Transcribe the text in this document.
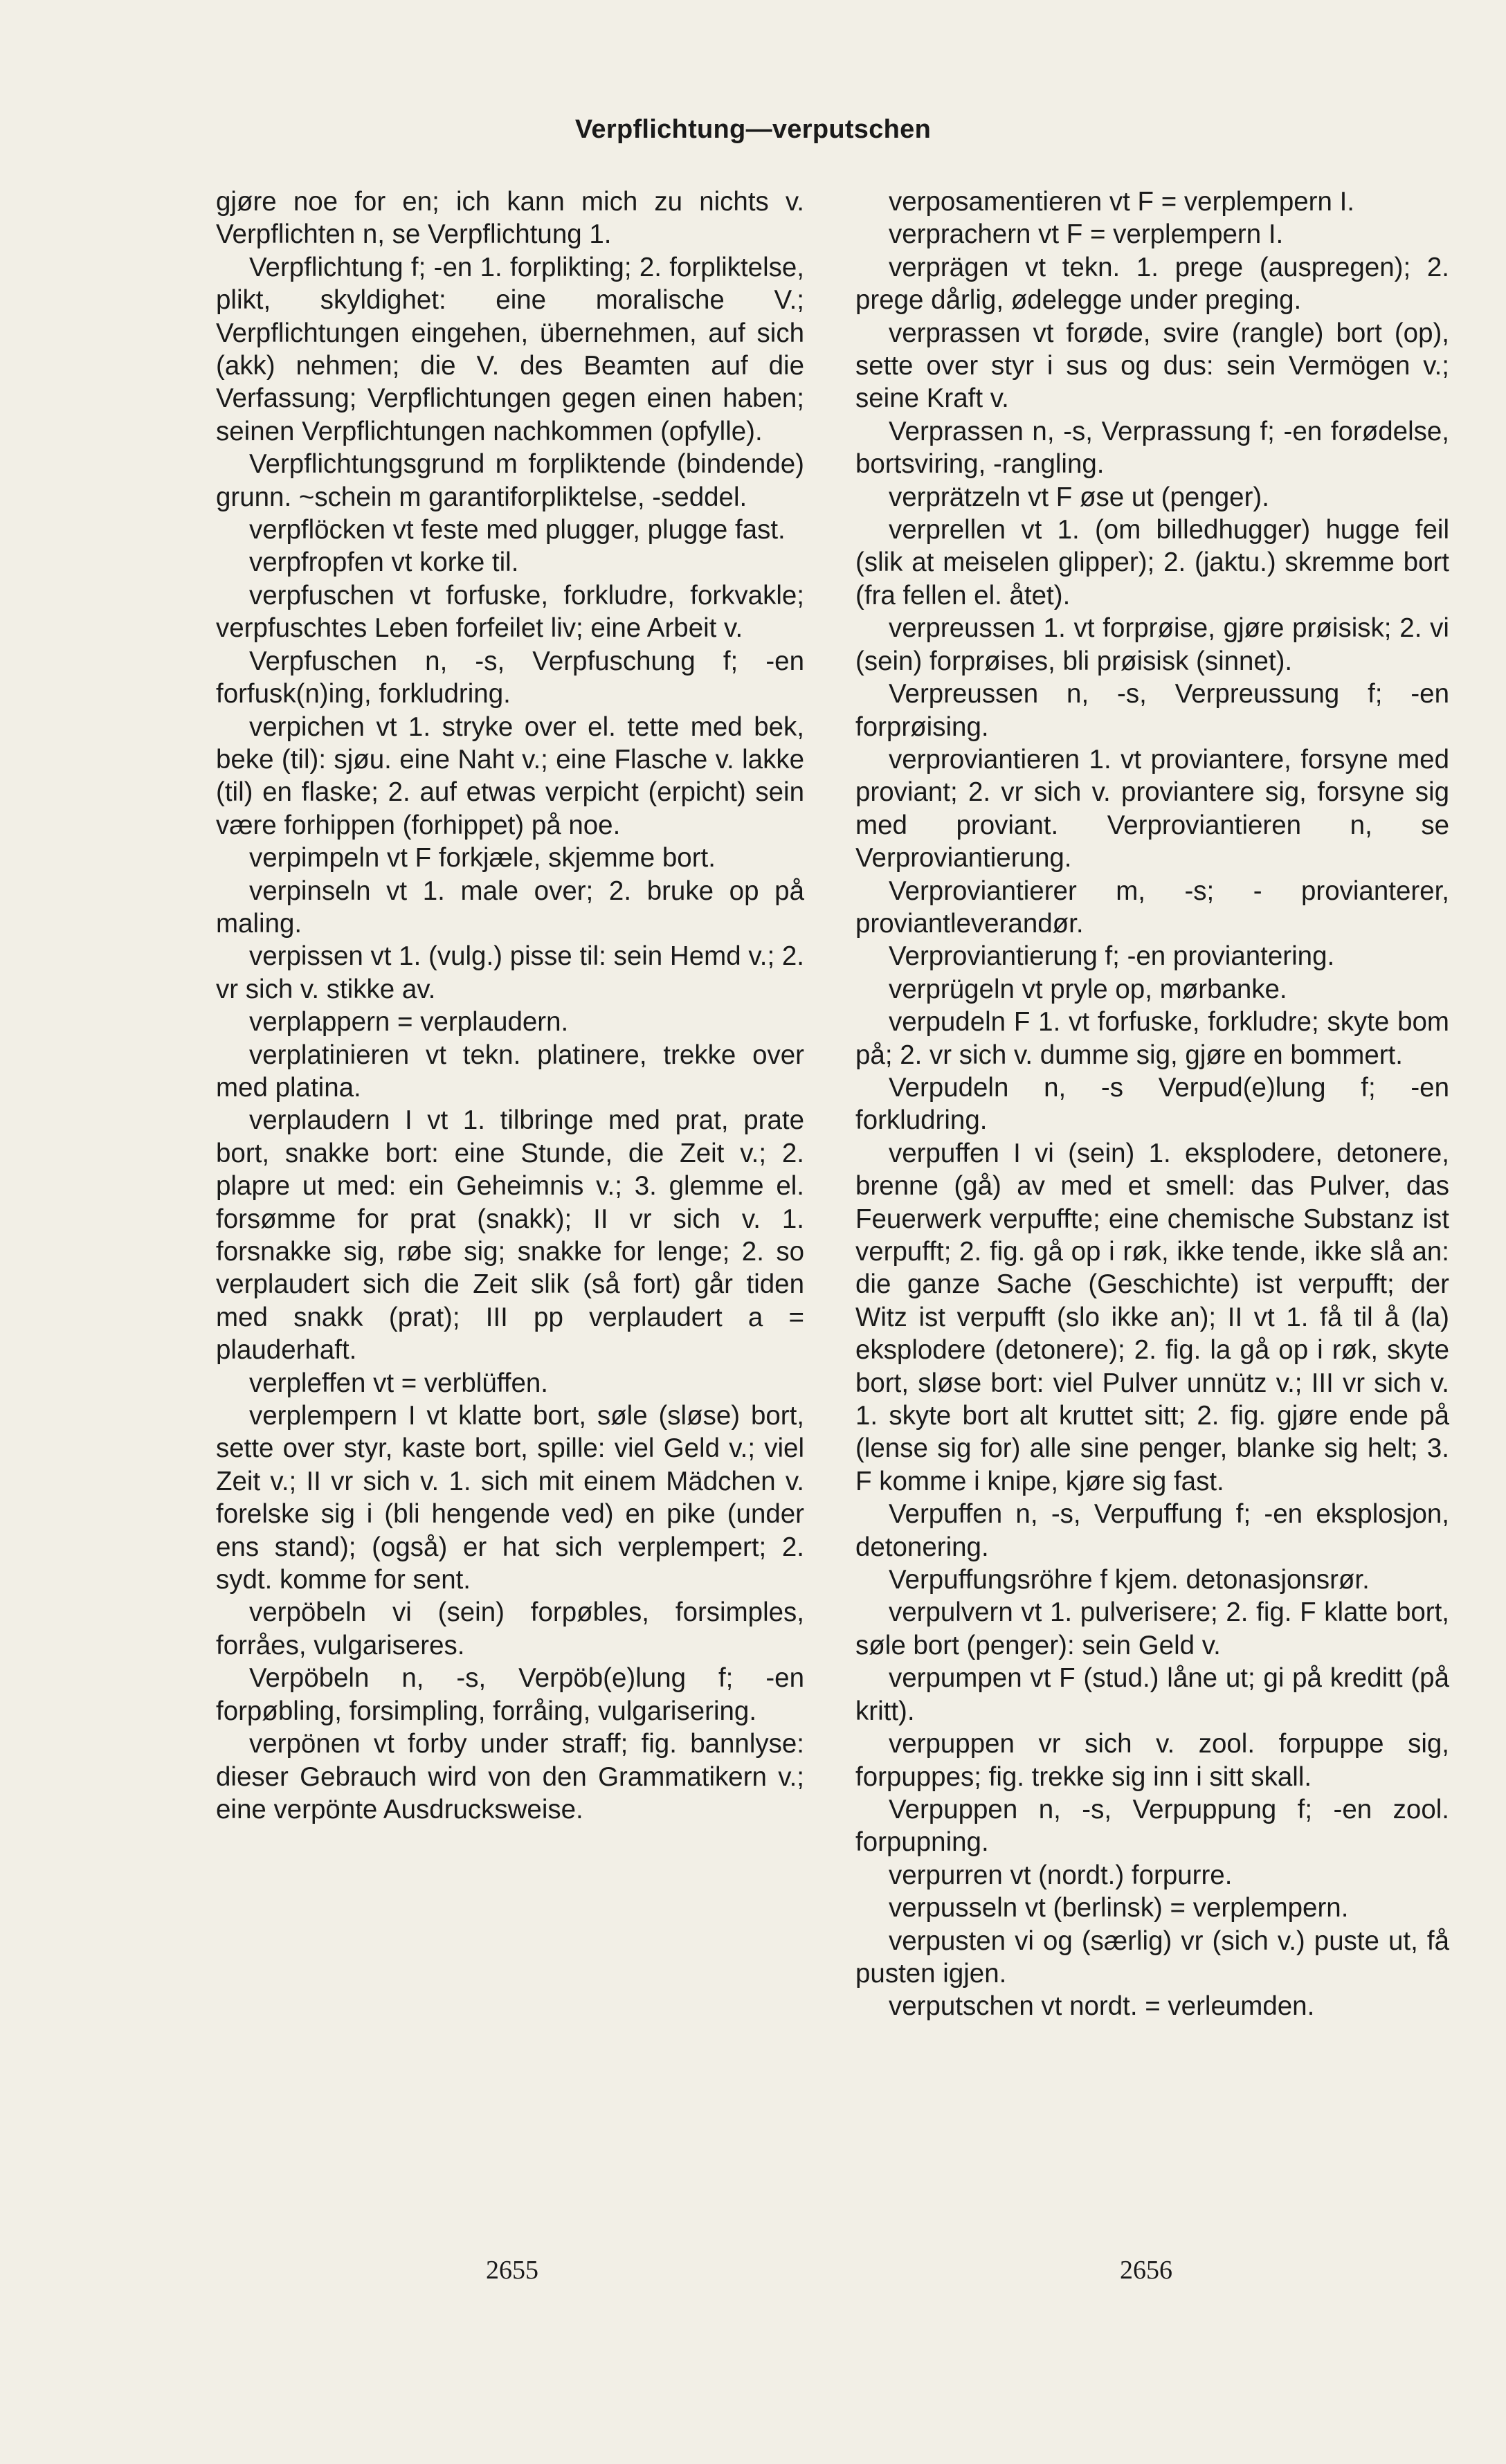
Verpflichtung—verputschen

gjøre noe for en; ich kann mich zu nichts v. Verpflichten n, se Verpflichtung 1.

Verpflichtung f; -en 1. forplikting; 2. forpliktelse, plikt, skyldighet: eine moralische V.; Verpflichtungen eingehen, übernehmen, auf sich (akk) nehmen; die V. des Beamten auf die Verfassung; Verpflichtungen gegen einen haben; seinen Verpflichtungen nachkommen (opfylle).

Verpflichtungsgrund m forpliktende (bindende) grunn. ~schein m garantiforpliktelse, -seddel.

verpflöcken vt feste med plugger, plugge fast.

verpfropfen vt korke til.

verpfuschen vt forfuske, forkludre, forkvakle; verpfuschtes Leben forfeilet liv; eine Arbeit v.

Verpfuschen n, -s, Verpfuschung f; -en forfusk(n)ing, forkludring.

verpichen vt 1. stryke over el. tette med bek, beke (til): sjøu. eine Naht v.; eine Flasche v. lakke (til) en flaske; 2. auf etwas verpicht (erpicht) sein være forhippen (forhippet) på noe.

verpimpeln vt F forkjæle, skjemme bort.

verpinseln vt 1. male over; 2. bruke op på maling.

verpissen vt 1. (vulg.) pisse til: sein Hemd v.; 2. vr sich v. stikke av.

verplappern = verplaudern.

verplatinieren vt tekn. platinere, trekke over med platina.

verplaudern I vt 1. tilbringe med prat, prate bort, snakke bort: eine Stunde, die Zeit v.; 2. plapre ut med: ein Geheimnis v.; 3. glemme el. forsømme for prat (snakk); II vr sich v. 1. forsnakke sig, røbe sig; snakke for lenge; 2. so verplaudert sich die Zeit slik (så fort) går tiden med snakk (prat); III pp verplaudert a = plauderhaft.

verpleffen vt = verblüffen.

verplempern I vt klatte bort, søle (sløse) bort, sette over styr, kaste bort, spille: viel Geld v.; viel Zeit v.; II vr sich v. 1. sich mit einem Mädchen v. forelske sig i (bli hengende ved) en pike (under ens stand); (også) er hat sich verplempert; 2. sydt. komme for sent.

verpöbeln vi (sein) forpøbles, forsimples, forråes, vulgariseres.

Verpöbeln n, -s, Verpöb(e)lung f; -en forpøbling, forsimpling, forråing, vulgarisering.

verpönen vt forby under straff; fig. bannlyse: dieser Gebrauch wird von den Grammatikern v.; eine verpönte Ausdrucksweise.

verposamentieren vt F = verplempern I.

verprachern vt F = verplempern I.

verprägen vt tekn. 1. prege (auspregen); 2. prege dårlig, ødelegge under preging.

verprassen vt forøde, svire (rangle) bort (op), sette over styr i sus og dus: sein Vermögen v.; seine Kraft v.

Verprassen n, -s, Verprassung f; -en forødelse, bortsviring, -rangling.

verprätzeln vt F øse ut (penger).

verprellen vt 1. (om billedhugger) hugge feil (slik at meiselen glipper); 2. (jaktu.) skremme bort (fra fellen el. åtet).

verpreussen 1. vt forprøise, gjøre prøisisk; 2. vi (sein) forprøises, bli prøisisk (sinnet).

Verpreussen n, -s, Verpreussung f; -en forprøising.

verproviantieren 1. vt proviantere, forsyne med proviant; 2. vr sich v. proviantere sig, forsyne sig med proviant. Verproviantieren n, se Verproviantierung.

Verproviantierer m, -s; - provianterer, proviantleverandør.

Verproviantierung f; -en proviantering.

verprügeln vt pryle op, mørbanke.

verpudeln F 1. vt forfuske, forkludre; skyte bom på; 2. vr sich v. dumme sig, gjøre en bommert.

Verpudeln n, -s Verpud(e)lung f; -en forkludring.

verpuffen I vi (sein) 1. eksplodere, detonere, brenne (gå) av med et smell: das Pulver, das Feuerwerk verpuffte; eine chemische Substanz ist verpufft; 2. fig. gå op i røk, ikke tende, ikke slå an: die ganze Sache (Geschichte) ist verpufft; der Witz ist verpufft (slo ikke an); II vt 1. få til å (la) eksplodere (detonere); 2. fig. la gå op i røk, skyte bort, sløse bort: viel Pulver unnütz v.; III vr sich v. 1. skyte bort alt kruttet sitt; 2. fig. gjøre ende på (lense sig for) alle sine penger, blanke sig helt; 3. F komme i knipe, kjøre sig fast.

Verpuffen n, -s, Verpuffung f; -en eksplosjon, detonering.

Verpuffungsröhre f kjem. detonasjonsrør.

verpulvern vt 1. pulverisere; 2. fig. F klatte bort, søle bort (penger): sein Geld v.

verpumpen vt F (stud.) låne ut; gi på kreditt (på kritt).

verpuppen vr sich v. zool. forpuppe sig, forpuppes; fig. trekke sig inn i sitt skall.

Verpuppen n, -s, Verpuppung f; -en zool. forpupning.

verpurren vt (nordt.) forpurre.

verpusseln vt (berlinsk) = verplempern.

verpusten vi og (særlig) vr (sich v.) puste ut, få pusten igjen.

verputschen vt nordt. = verleumden.

2655	2656
